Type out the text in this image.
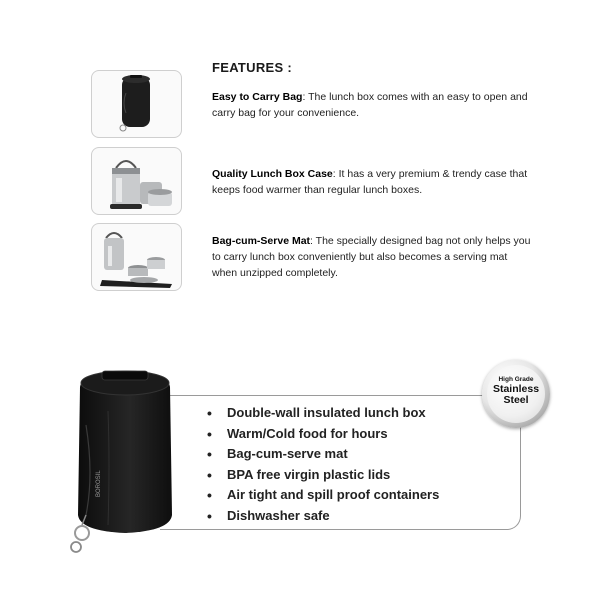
FEATURES :
Easy to Carry Bag: The lunch box comes with an easy to open and carry bag for your convenience.
Quality Lunch Box Case: It has a very premium & trendy case that keeps food warmer than regular lunch boxes.
Bag-cum-Serve Mat: The specially designed bag not only helps you to carry lunch box conveniently but also becomes a serving mat when unzipped completely.
• Double-wall insulated lunch box
• Warm/Cold food for hours
• Bag-cum-serve mat
• BPA free virgin plastic lids
• Air tight and spill proof containers
• Dishwasher safe
BOROSIL
High Grade
Stainless
Steel
